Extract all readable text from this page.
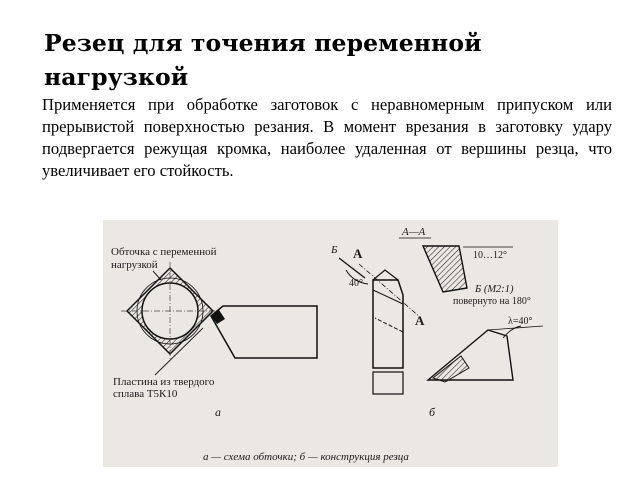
Резец для точения переменной нагрузкой

Применяется при обработке заготовок с неравномерным припуском или прерывистой поверхностью резания. В момент врезания в заготовку удару подвергается режущая кромка, наиболее удаленная от вершины резца, что увеличивает его стойкость.

Обточка с переменной
нагрузкой
Пластина из твердого
сплава Т5К10
а
Б А
А
40°
А—А
10…12°
Б (М2:1)
повернуто на 180°
λ=40°
б
а — схема обточки; б — конструкция резца
